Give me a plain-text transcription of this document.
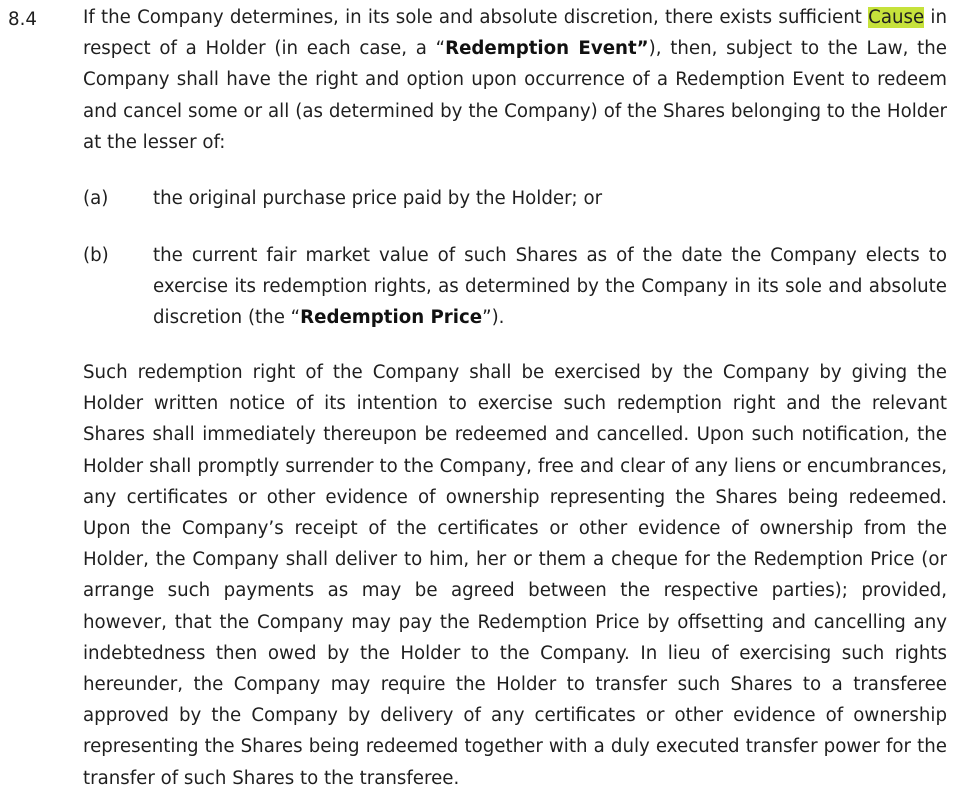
8.4	If the Company determines, in its sole and absolute discretion, there exists sufficient Cause in respect of a Holder (in each case, a “Redemption Event”), then, subject to the Law, the Company shall have the right and option upon occurrence of a Redemption Event to redeem and cancel some or all (as determined by the Company) of the Shares belonging to the Holder at the lesser of:

(a) the original purchase price paid by the Holder; or

(b) the current fair market value of such Shares as of the date the Company elects to exercise its redemption rights, as determined by the Company in its sole and absolute discretion (the “Redemption Price”).

Such redemption right of the Company shall be exercised by the Company by giving the Holder written notice of its intention to exercise such redemption right and the relevant Shares shall immediately thereupon be redeemed and cancelled. Upon such notification, the Holder shall promptly surrender to the Company, free and clear of any liens or encumbrances, any certificates or other evidence of ownership representing the Shares being redeemed. Upon the Company’s receipt of the certificates or other evidence of ownership from the Holder, the Company shall deliver to him, her or them a cheque for the Redemption Price (or arrange such payments as may be agreed between the respective parties); provided, however, that the Company may pay the Redemption Price by offsetting and cancelling any indebtedness then owed by the Holder to the Company. In lieu of exercising such rights hereunder, the Company may require the Holder to transfer such Shares to a transferee approved by the Company by delivery of any certificates or other evidence of ownership representing the Shares being redeemed together with a duly executed transfer power for the transfer of such Shares to the transferee.
